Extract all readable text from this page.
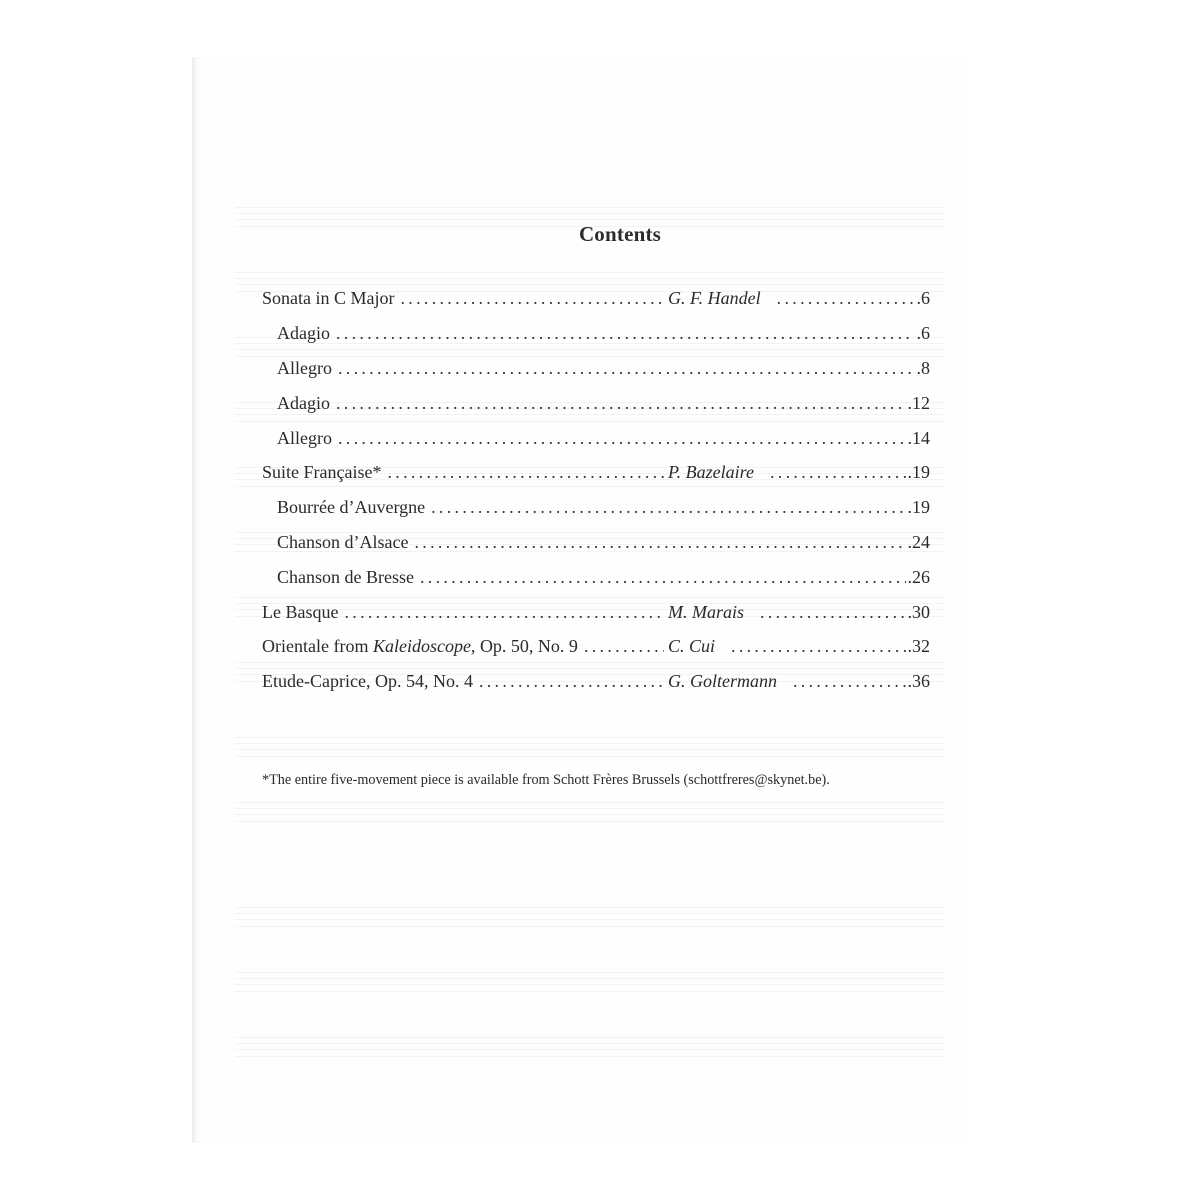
Contents
Sonata in C Major . . .	G. F. Handel . . .	.6
Adagio . . .	.6
Allegro . . .	.8
Adagio . . .	.12
Allegro . . .	.14
Suite Française* . . .	P. Bazelaire . . .	.19
Bourrée d’Auvergne . . .	.19
Chanson d’Alsace . . .	.24
Chanson de Bresse . . .	.26
Le Basque . . .	M. Marais . . .	.30
Orientale from Kaleidoscope, Op. 50, No. 9 . . .	C. Cui . . .	.32
Etude-Caprice, Op. 54, No. 4 . . .	G. Goltermann . . .	.36

*The entire five-movement piece is available from Schott Frères Brussels (schottfreres@skynet.be).
